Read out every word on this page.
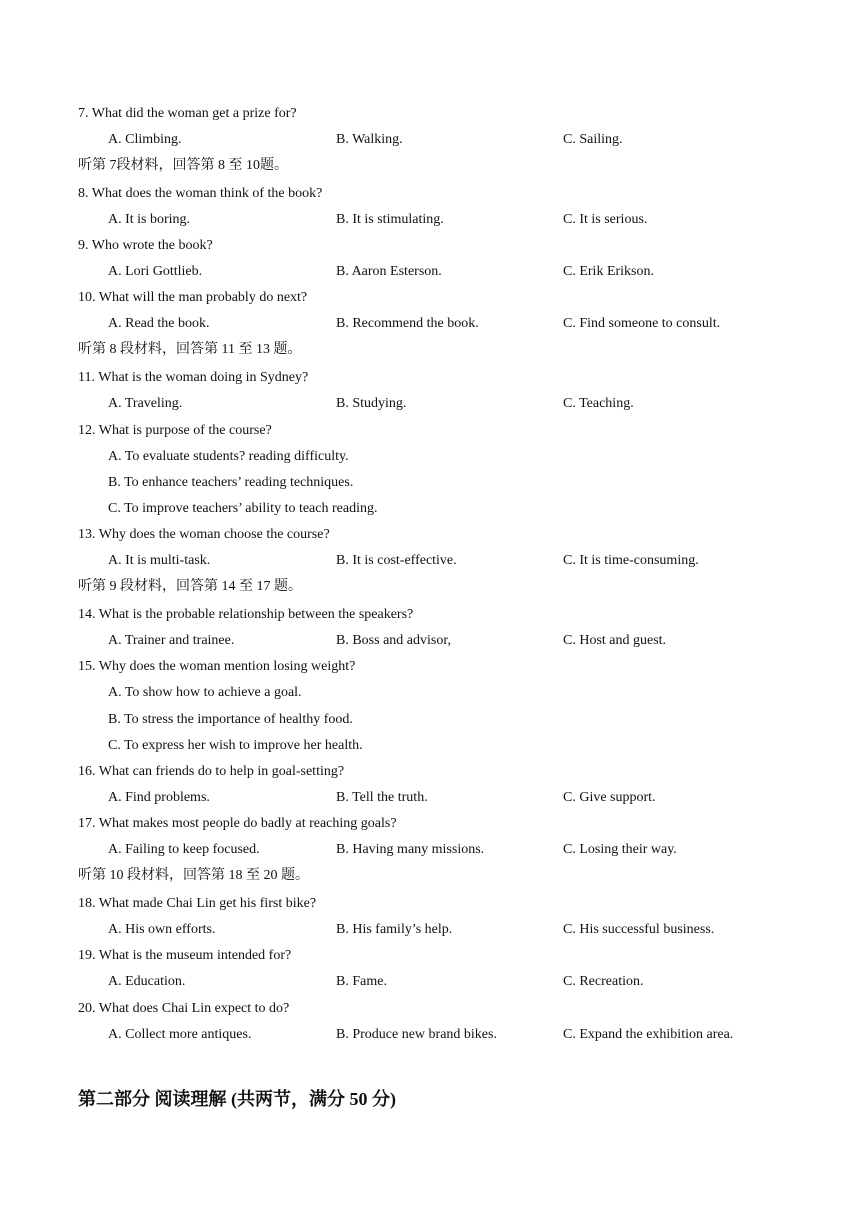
7. What did the woman get a prize for?
A. Climbing.	B. Walking.	C. Sailing.
听第 7段材料，回答第 8 至 10题。
8. What does the woman think of the book?
A. It is boring.	B. It is stimulating.	C. It is serious.
9. Who wrote the book?
A. Lori Gottlieb.	B. Aaron Esterson.	C. Erik Erikson.
10. What will the man probably do next?
A. Read the book.	B. Recommend the book.	C. Find someone to consult.
听第 8 段材料，回答第 11 至 13 题。
11. What is the woman doing in Sydney?
A. Traveling.	B. Studying.	C. Teaching.
12. What is purpose of the course?
A. To evaluate students? reading difficulty.
B. To enhance teachers’ reading techniques.
C. To improve teachers’ ability to teach reading.
13. Why does the woman choose the course?
A. It is multi-task.	B. It is cost-effective.	C. It is time-consuming.
听第 9 段材料，回答第 14 至 17 题。
14. What is the probable relationship between the speakers?
A. Trainer and trainee.	B. Boss and advisor,	C. Host and guest.
15. Why does the woman mention losing weight?
A. To show how to achieve a goal.
B. To stress the importance of healthy food.
C. To express her wish to improve her health.
16. What can friends do to help in goal-setting?
A. Find problems.	B. Tell the truth.	C. Give support.
17. What makes most people do badly at reaching goals?
A. Failing to keep focused.	B. Having many missions.	C. Losing their way.
听第 10 段材料，回答第 18 至 20 题。
18. What made Chai Lin get his first bike?
A. His own efforts.	B. His family’s help.	C. His successful business.
19. What is the museum intended for?
A. Education.	B. Fame.	C. Recreation.
20. What does Chai Lin expect to do?
A. Collect more antiques.	B. Produce new brand bikes.	C. Expand the exhibition area.
第二部分 阅读理解 (共两节，满分 50 分)
